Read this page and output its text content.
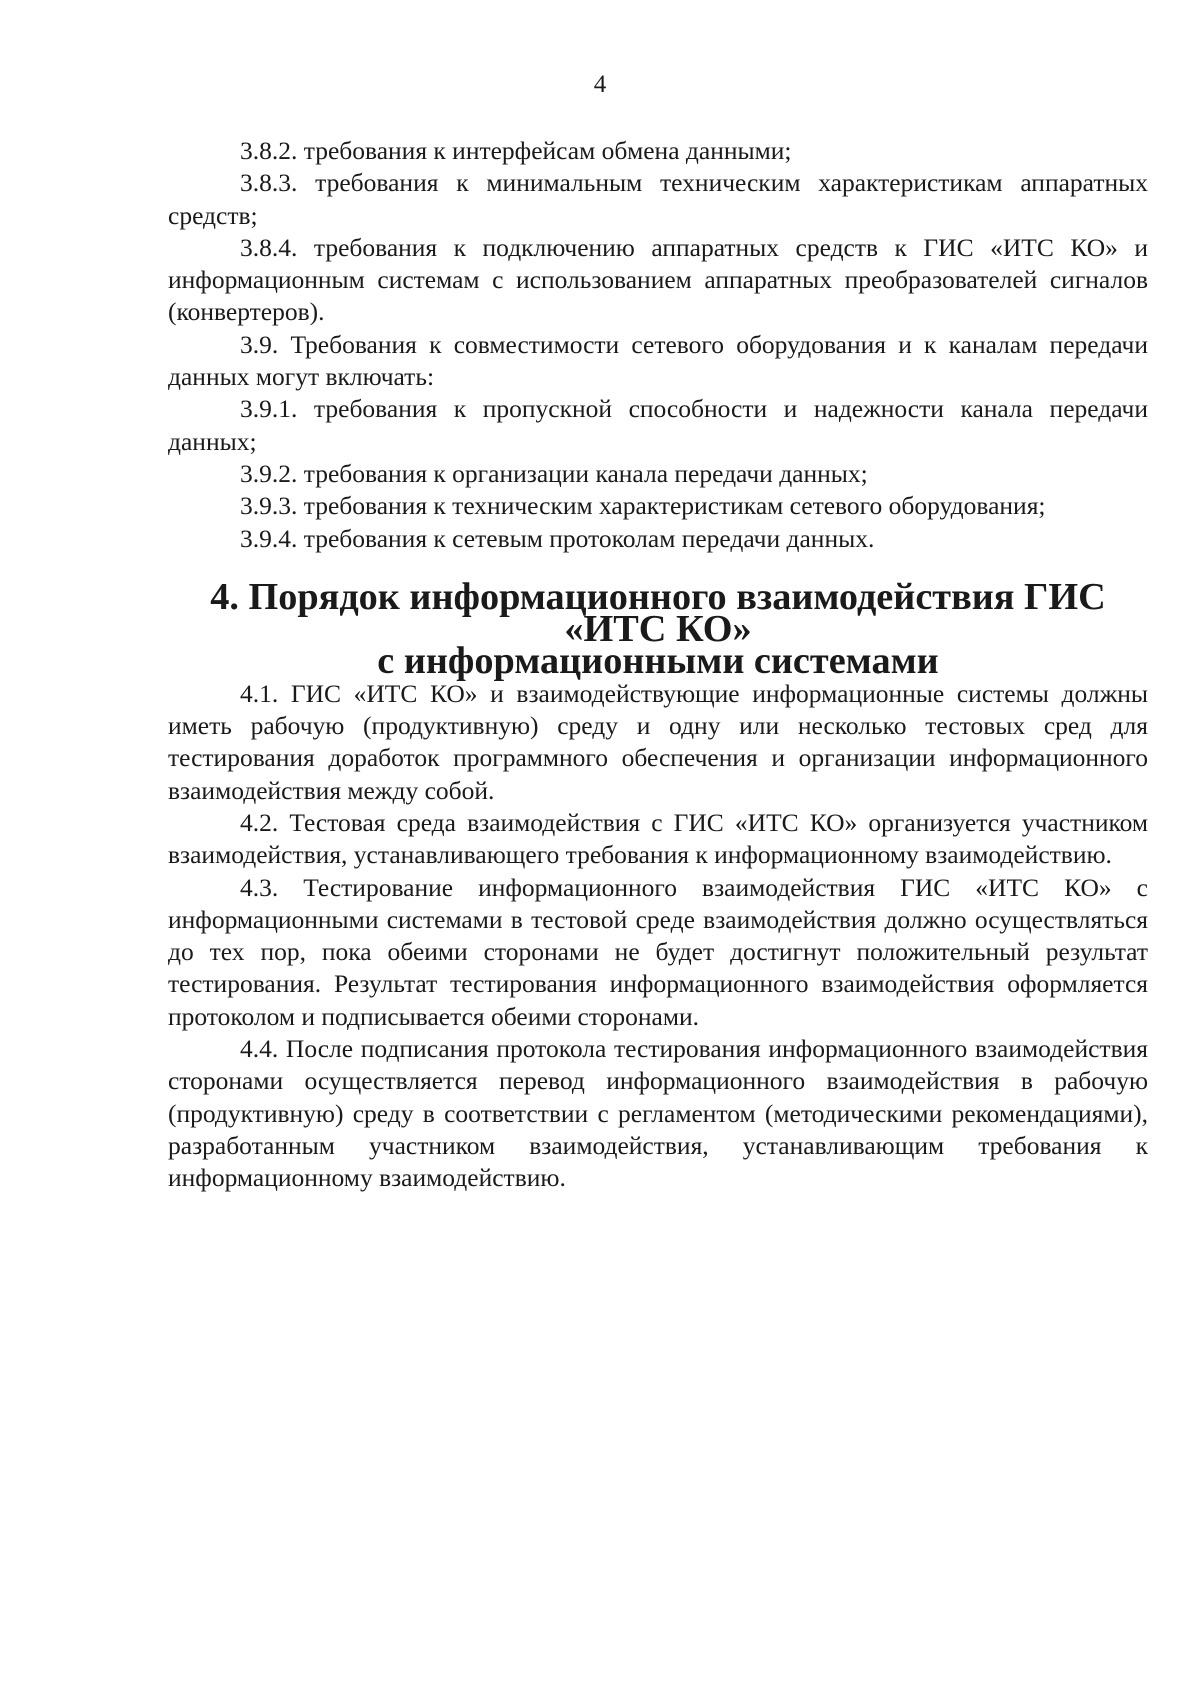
4

3.8.2. требования к интерфейсам обмена данными;

3.8.3. требования к минимальным техническим характеристикам аппаратных средств;

3.8.4. требования к подключению аппаратных средств к ГИС «ИТС КО» и информационным системам с использованием аппаратных преобразователей сигналов (конвертеров).

3.9. Требования к совместимости сетевого оборудования и к каналам передачи данных могут включать:

3.9.1. требования к пропускной способности и надежности канала передачи данных;

3.9.2. требования к организации канала передачи данных;

3.9.3. требования к техническим характеристикам сетевого оборудования;

3.9.4. требования к сетевым протоколам передачи данных.

4. Порядок информационного взаимодействия ГИС «ИТС КО»
с информационными системами

4.1. ГИС «ИТС КО» и взаимодействующие информационные системы должны иметь рабочую (продуктивную) среду и одну или несколько тестовых сред для тестирования доработок программного обеспечения и организации информационного взаимодействия между собой.

4.2. Тестовая среда взаимодействия с ГИС «ИТС КО» организуется участником взаимодействия, устанавливающего требования к информационному взаимодействию.

4.3. Тестирование информационного взаимодействия ГИС «ИТС КО» с информационными системами в тестовой среде взаимодействия должно осуществляться до тех пор, пока обеими сторонами не будет достигнут положительный результат тестирования. Результат тестирования информационного взаимодействия оформляется протоколом и подписывается обеими сторонами.

4.4. После подписания протокола тестирования информационного взаимодействия сторонами осуществляется перевод информационного взаимодействия в рабочую (продуктивную) среду в соответствии с регламентом (методическими рекомендациями), разработанным участником взаимодействия, устанавливающим требования к информационному взаимодействию.
